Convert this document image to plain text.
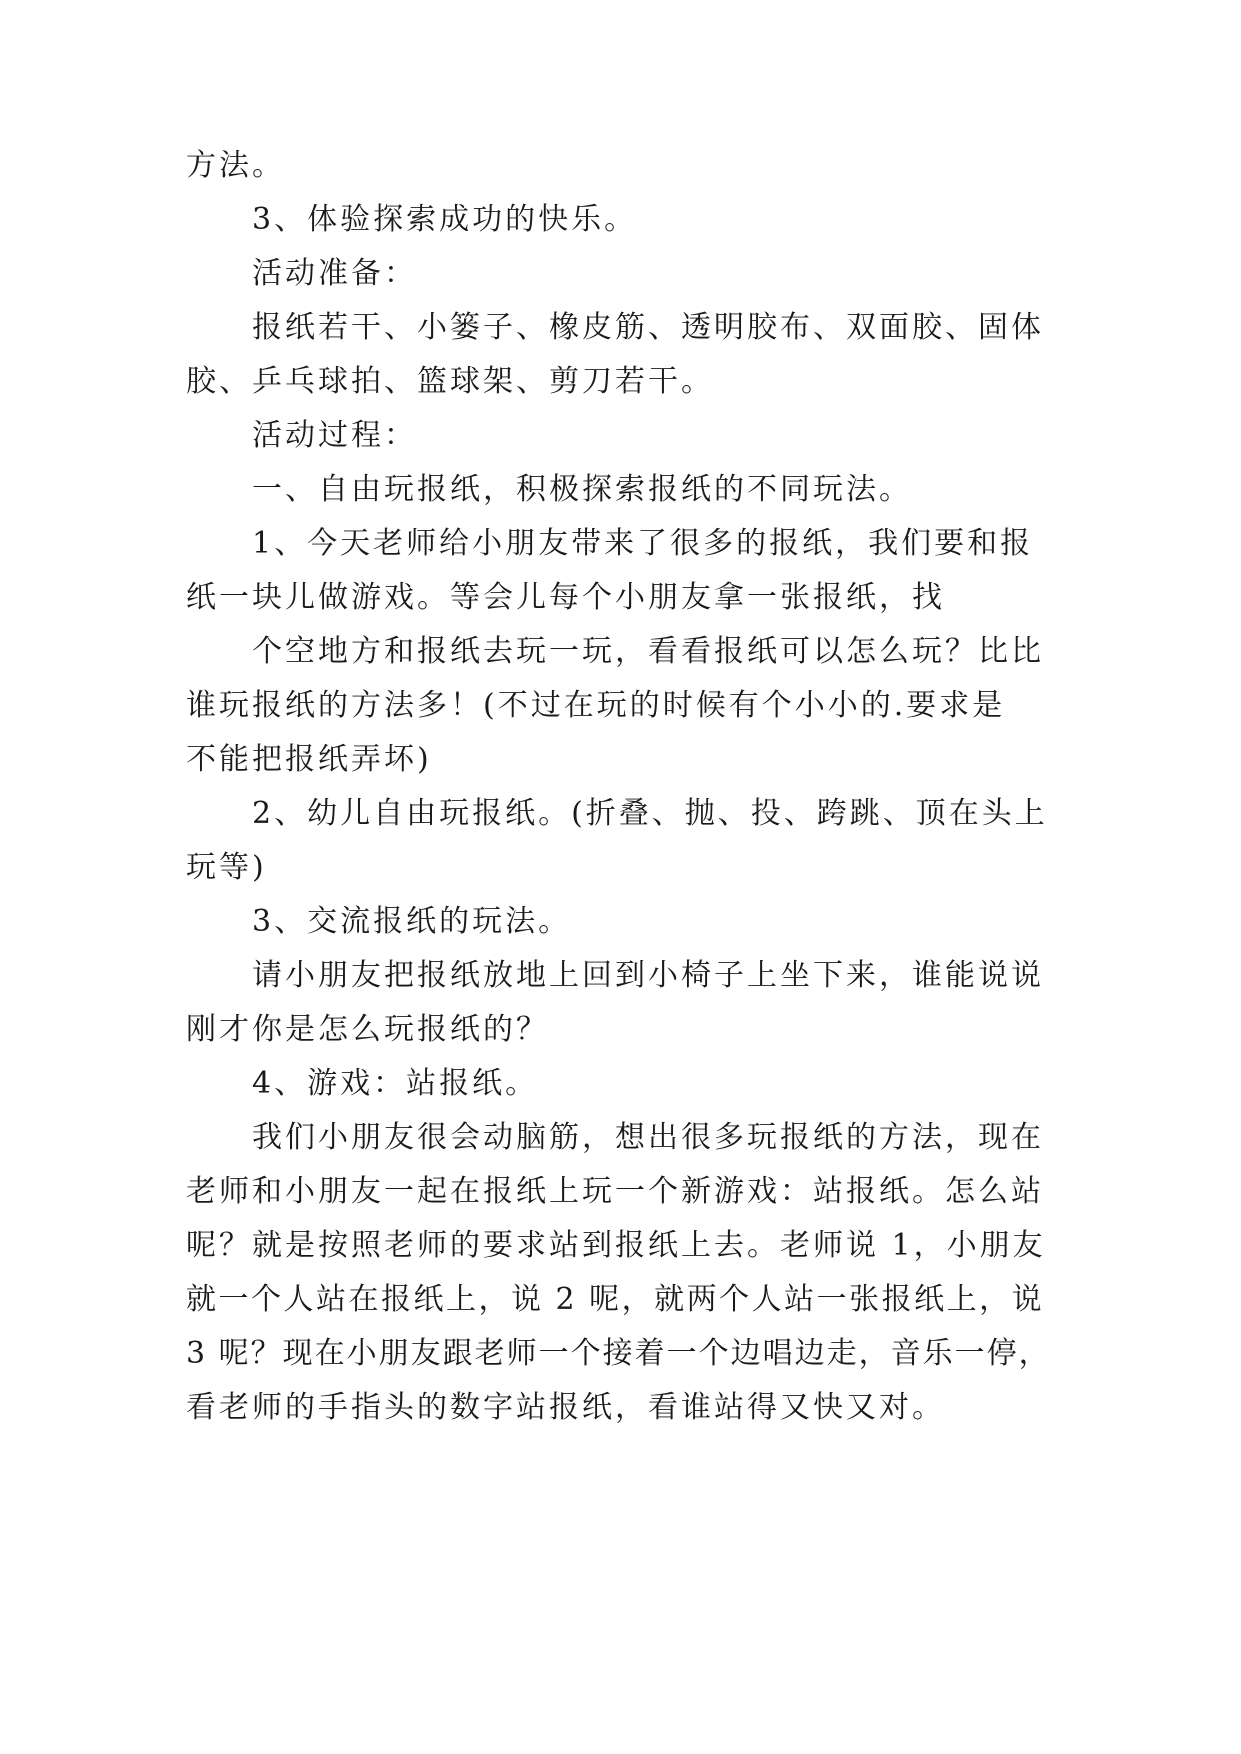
方法。
3、体验探索成功的快乐。
活动准备：
报纸若干、小篓子、橡皮筋、透明胶布、双面胶、固体
胶、乒乓球拍、篮球架、剪刀若干。
活动过程：
一、自由玩报纸，积极探索报纸的不同玩法。
1、今天老师给小朋友带来了很多的报纸，我们要和报
纸一块儿做游戏。等会儿每个小朋友拿一张报纸，找
个空地方和报纸去玩一玩，看看报纸可以怎么玩？比比
谁玩报纸的方法多！(不过在玩的时候有个小小的.要求是
不能把报纸弄坏)
2、幼儿自由玩报纸。(折叠、抛、投、跨跳、顶在头上
玩等)
3、交流报纸的玩法。
请小朋友把报纸放地上回到小椅子上坐下来，谁能说说
刚才你是怎么玩报纸的？
4、游戏：站报纸。
我们小朋友很会动脑筋，想出很多玩报纸的方法，现在
老师和小朋友一起在报纸上玩一个新游戏：站报纸。怎么站
呢？就是按照老师的要求站到报纸上去。老师说 1，小朋友
就一个人站在报纸上，说 2 呢，就两个人站一张报纸上，说
3 呢？现在小朋友跟老师一个接着一个边唱边走，音乐一停，
看老师的手指头的数字站报纸，看谁站得又快又对。
